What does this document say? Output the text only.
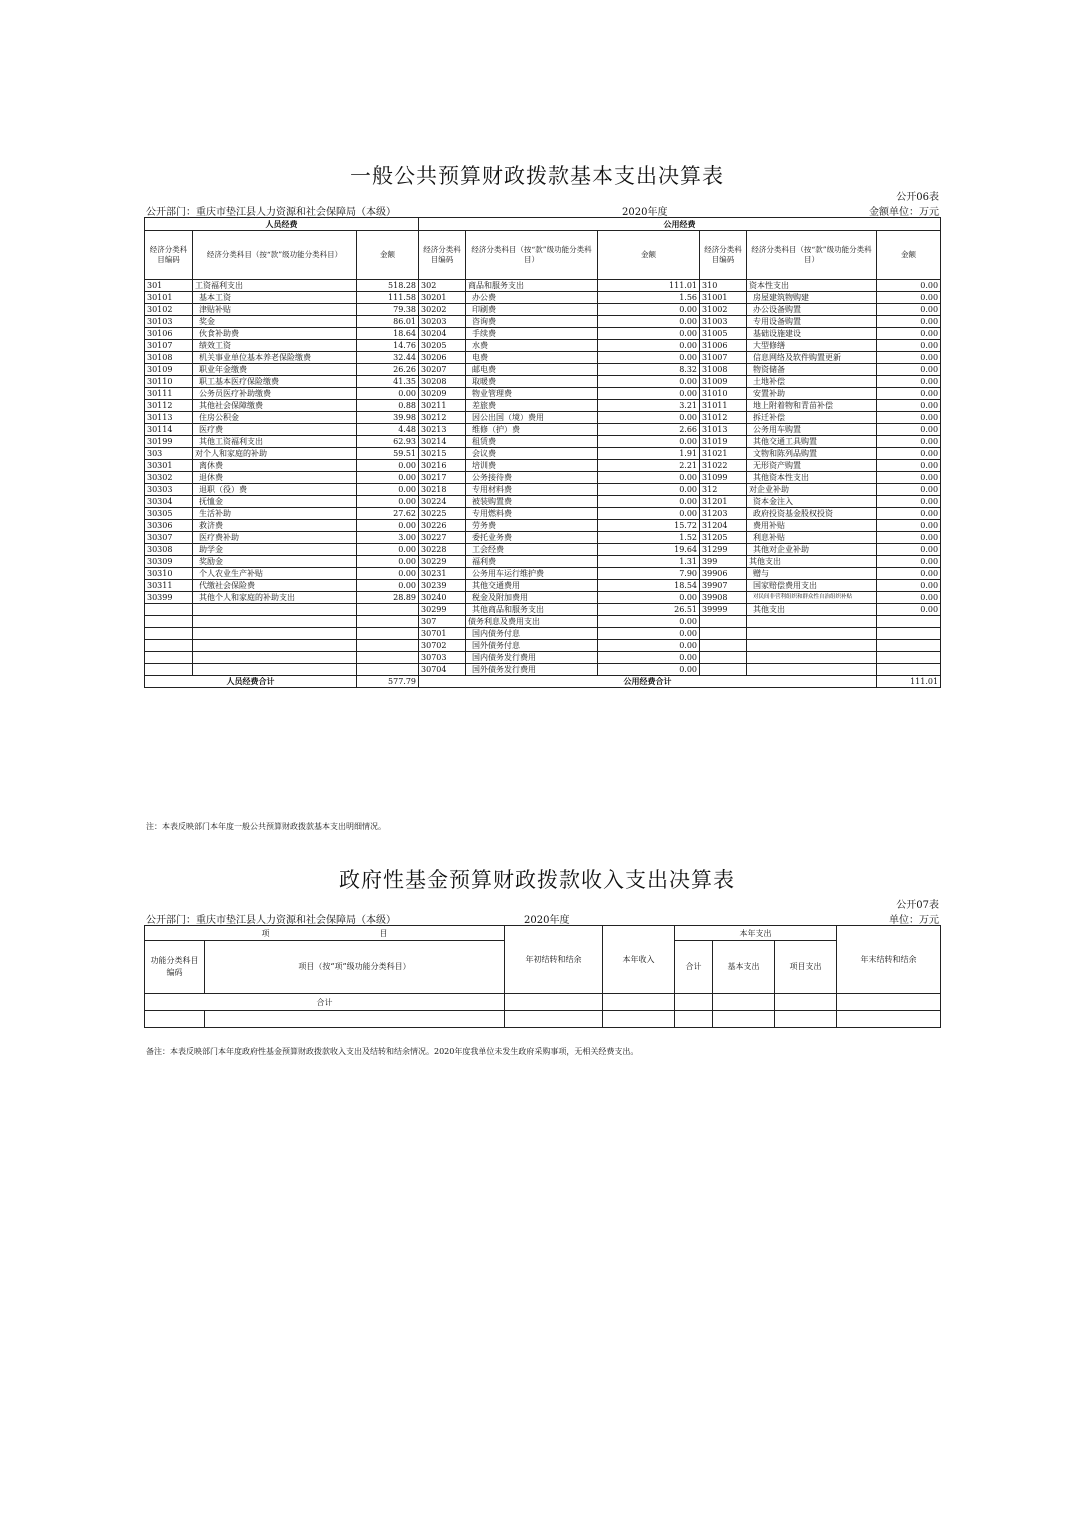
一般公共预算财政拨款基本支出决算表
公开06表
公开部门：重庆市垫江县人力资源和社会保障局（本级）	2020年度	金额单位：万元
人员经费			公用经费					
经济分类科目编码	经济分类科目（按“款”级功能分类科目）	金额	经济分类科目编码	经济分类科目（按“款”级功能分类科目）	金额	经济分类科目编码	经济分类科目（按“款”级功能分类科目）	金额
301	工资福利支出	518.28	302	商品和服务支出	111.01	310	资本性支出	0.00
30101	基本工资	111.58	30201	办公费	1.56	31001	房屋建筑物购建	0.00
30102	津贴补贴	79.38	30202	印刷费	0.00	31002	办公设备购置	0.00
30103	奖金	86.01	30203	咨询费	0.00	31003	专用设备购置	0.00
30106	伙食补助费	18.64	30204	手续费	0.00	31005	基础设施建设	0.00
30107	绩效工资	14.76	30205	水费	0.00	31006	大型修缮	0.00
30108	机关事业单位基本养老保险缴费	32.44	30206	电费	0.00	31007	信息网络及软件购置更新	0.00
30109	职业年金缴费	26.26	30207	邮电费	8.32	31008	物资储备	0.00
30110	职工基本医疗保险缴费	41.35	30208	取暖费	0.00	31009	土地补偿	0.00
30111	公务员医疗补助缴费	0.00	30209	物业管理费	0.00	31010	安置补助	0.00
30112	其他社会保障缴费	0.88	30211	差旅费	3.21	31011	地上附着物和青苗补偿	0.00
30113	住房公积金	39.98	30212	因公出国（境）费用	0.00	31012	拆迁补偿	0.00
30114	医疗费	4.48	30213	维修（护）费	2.66	31013	公务用车购置	0.00
30199	其他工资福利支出	62.93	30214	租赁费	0.00	31019	其他交通工具购置	0.00
303	对个人和家庭的补助	59.51	30215	会议费	1.91	31021	文物和陈列品购置	0.00
30301	离休费	0.00	30216	培训费	2.21	31022	无形资产购置	0.00
30302	退休费	0.00	30217	公务接待费	0.00	31099	其他资本性支出	0.00
30303	退职（役）费	0.00	30218	专用材料费	0.00	312	对企业补助	0.00
30304	抚恤金	0.00	30224	被装购置费	0.00	31201	资本金注入	0.00
30305	生活补助	27.62	30225	专用燃料费	0.00	31203	政府投资基金股权投资	0.00
30306	救济费	0.00	30226	劳务费	15.72	31204	费用补贴	0.00
30307	医疗费补助	3.00	30227	委托业务费	1.52	31205	利息补贴	0.00
30308	助学金	0.00	30228	工会经费	19.64	31299	其他对企业补助	0.00
30309	奖励金	0.00	30229	福利费	1.31	399	其他支出	0.00
30310	个人农业生产补贴	0.00	30231	公务用车运行维护费	7.90	39906	赠与	0.00
30311	代缴社会保险费	0.00	30239	其他交通费用	18.54	39907	国家赔偿费用支出	0.00
30399	其他个人和家庭的补助支出	28.89	30240	税金及附加费用	0.00	39908	对民间非营利组织和群众性自治组织补贴	0.00
			30299	其他商品和服务支出	26.51	39999	其他支出	0.00
			307	债务利息及费用支出	0.00			
			30701	国内债务付息	0.00			
			30702	国外债务付息	0.00			
			30703	国内债务发行费用	0.00			
			30704	国外债务发行费用	0.00			
人员经费合计		577.79	公用经费合计					111.01
注：本表反映部门本年度一般公共预算财政拨款基本支出明细情况。
政府性基金预算财政拨款收入支出决算表
公开07表
公开部门：重庆市垫江县人力资源和社会保障局（本级）	2020年度	单位：万元
项 目		年初结转和结余	本年收入	本年支出			年末结转和结余
功能分类科目编码	项目（按“项”级功能分类科目）			合计	基本支出	项目支出	
合计							

备注：本表反映部门本年度政府性基金预算财政拨款收入支出及结转和结余情况。2020年度我单位未发生政府采购事项，无相关经费支出。
